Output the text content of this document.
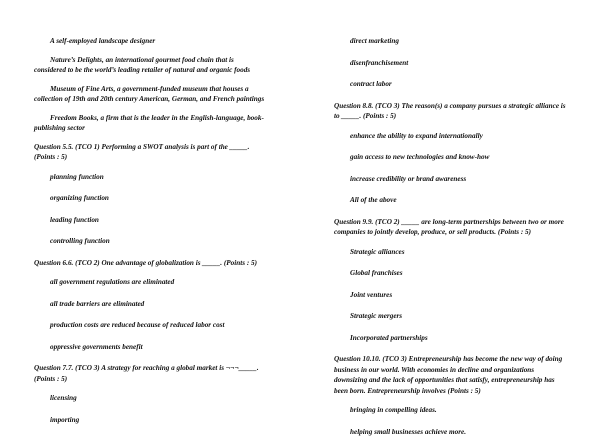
A self-employed landscape designer

Nature’s Delights, an international gourmet food chain that is considered to be the world’s leading retailer of natural and organic foods

Museum of Fine Arts, a government-funded museum that houses a collection of 19th and 20th century American, German, and French paintings

Freedom Books, a firm that is the leader in the English-language, book-publishing sector

Question 5.5. (TCO 1) Performing a SWOT analysis is part of the _____. (Points : 5)

planning function

organizing function

leading function

controlling function

Question 6.6. (TCO 2) One advantage of globalization is _____. (Points : 5)

all government regulations are eliminated

all trade barriers are eliminated

production costs are reduced because of reduced labor cost

oppressive governments benefit

Question 7.7. (TCO 3) A strategy for reaching a global market is ¬¬¬_____. (Points : 5)

licensing

importing

direct marketing

disenfranchisement

contract labor

Question 8.8. (TCO 3) The reason(s) a company pursues a strategic alliance is to _____. (Points : 5)

enhance the ability to expand internationally

gain access to new technologies and know-how

increase credibility or brand awareness

All of the above

Question 9.9. (TCO 2) _____ are long-term partnerships between two or more companies to jointly develop, produce, or sell products. (Points : 5)

Strategic alliances

Global franchises

Joint ventures

Strategic mergers

Incorporated partnerships

Question 10.10. (TCO 3) Entrepreneurship has become the new way of doing business in our world. With economies in decline and organizations downsizing and the lack of opportunities that satisfy, entrepreneurship has been born. Entrepreneurship involves (Points : 5)

bringing in compelling ideas.

helping small businesses achieve more.
